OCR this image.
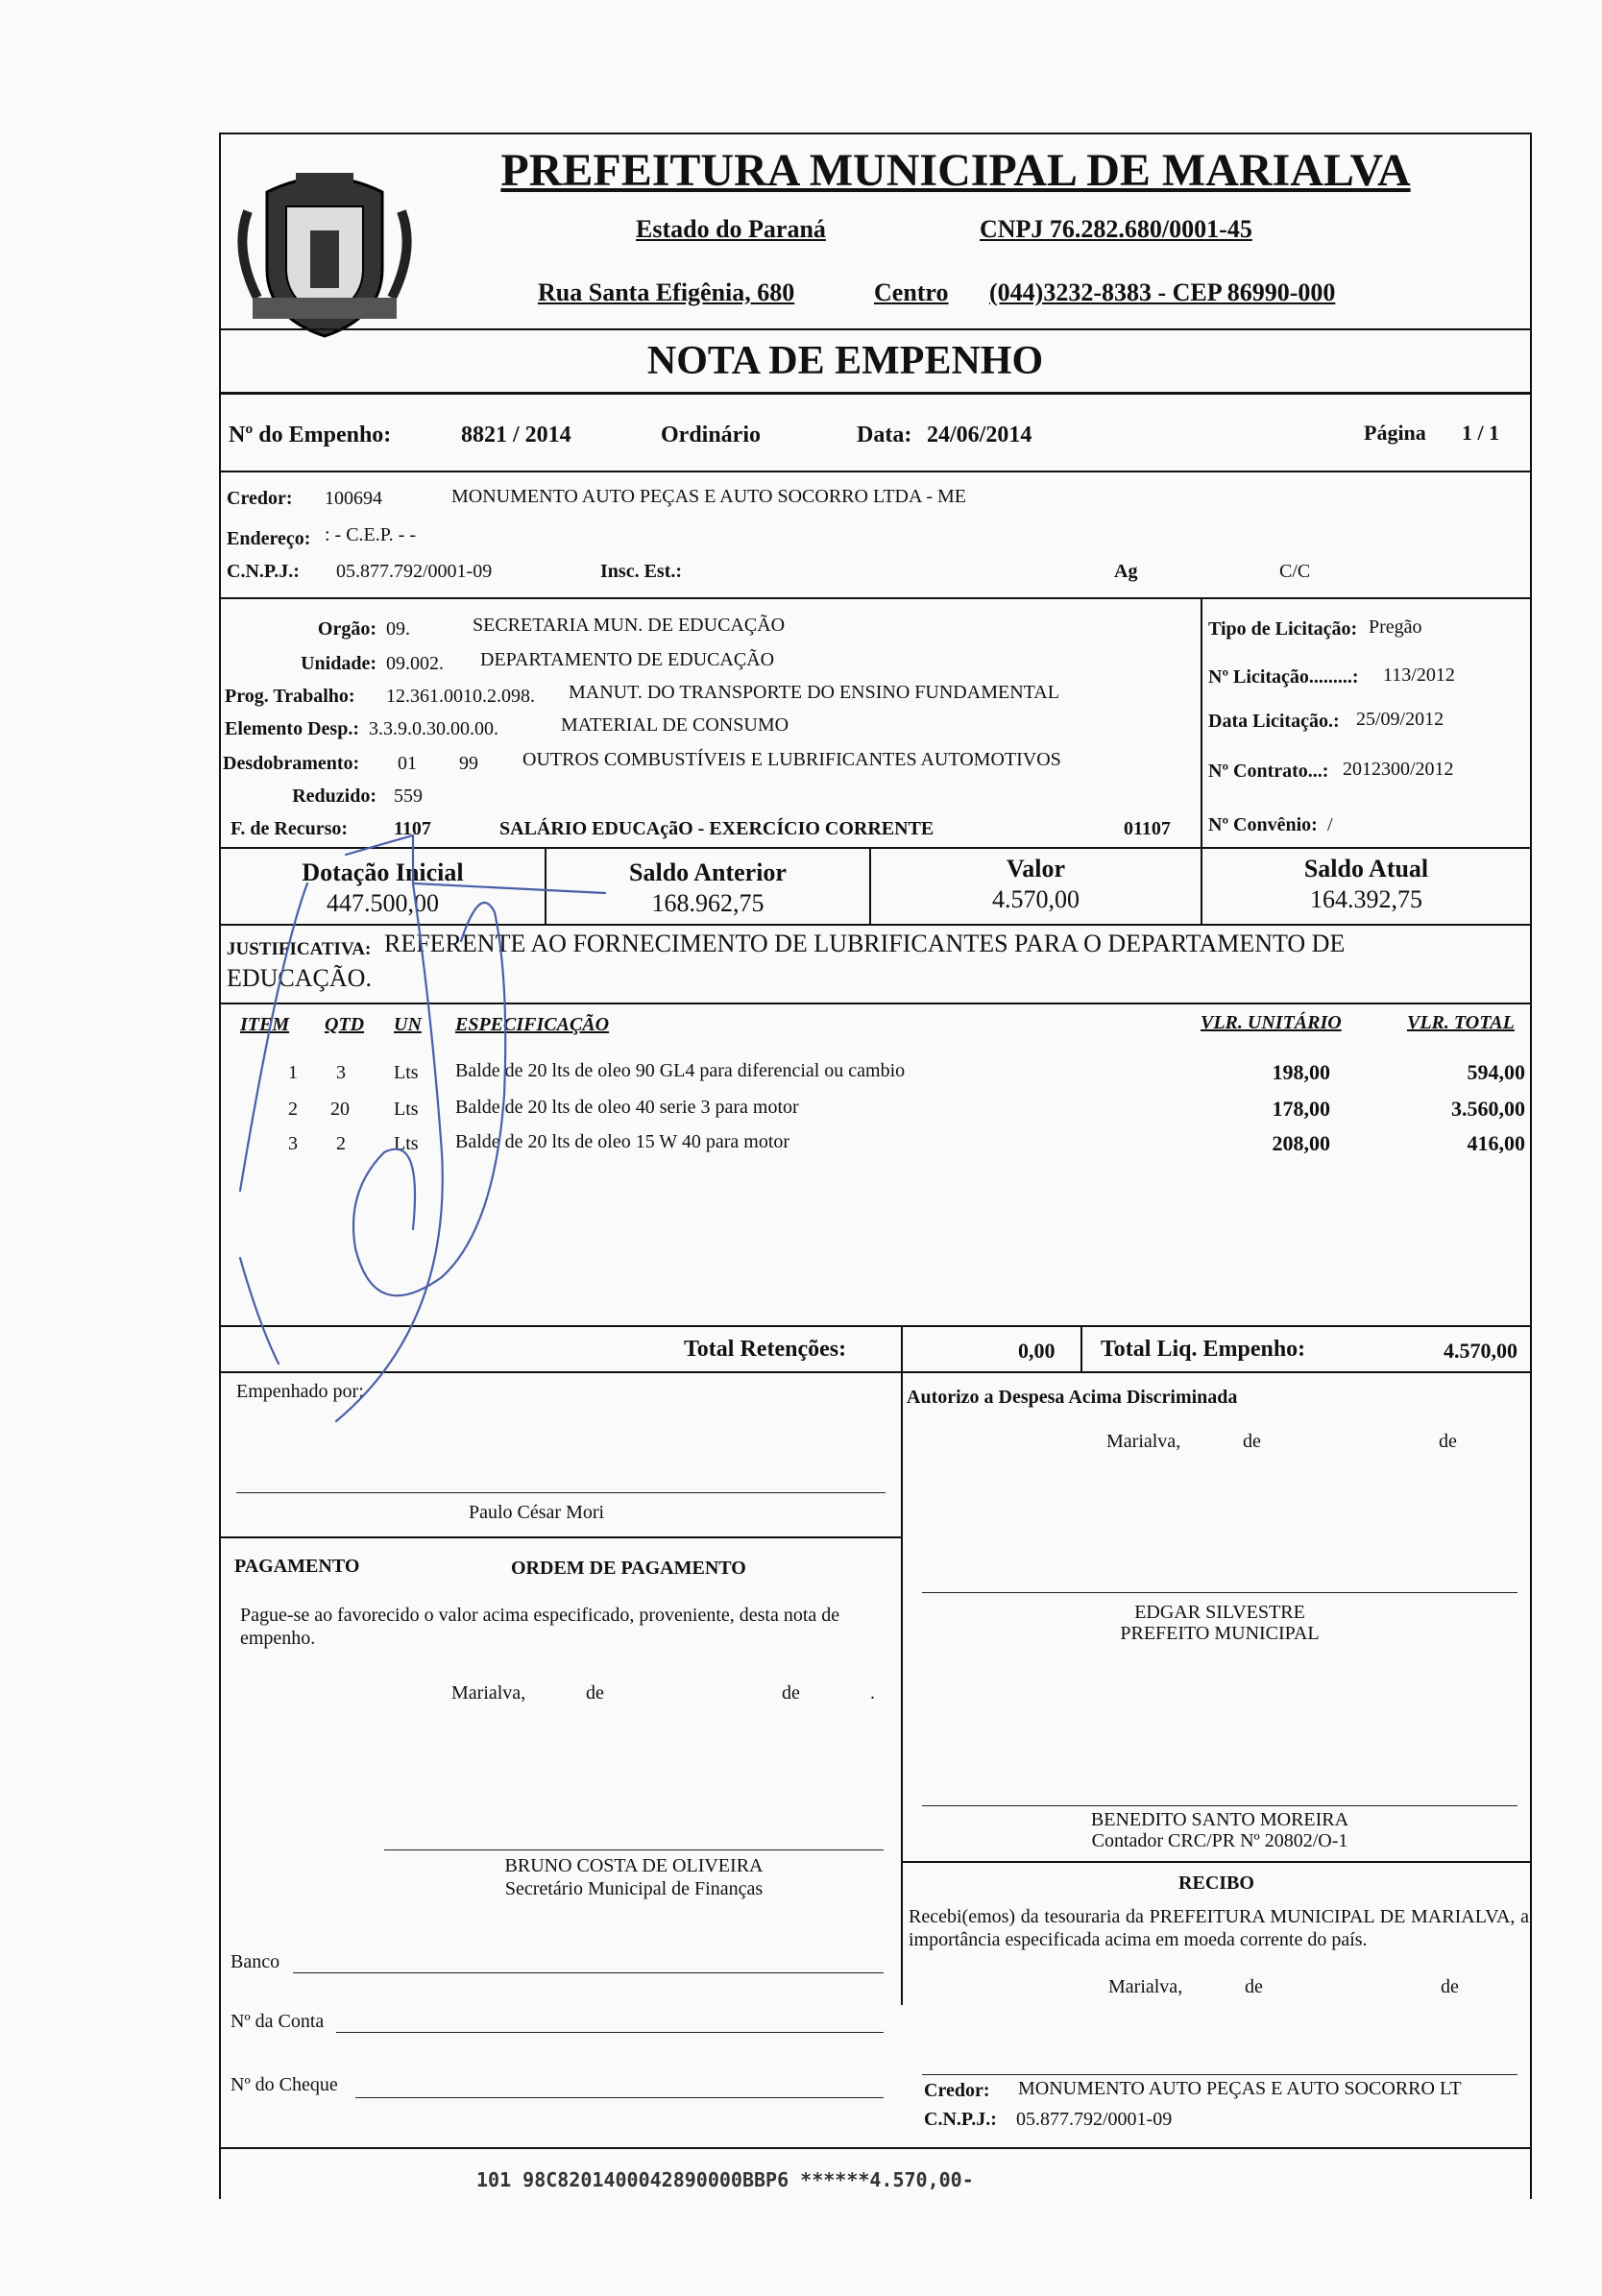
PREFEITURA MUNICIPAL DE MARIALVA
Estado do Paraná	CNPJ 76.282.680/0001-45
Rua Santa Efigênia, 680	Centro (044)3232-8383 - CEP 86990-000
NOTA DE EMPENHO
Nº do Empenho:	8821 / 2014	Ordinário	Data: 24/06/2014	Página 1 / 1
Credor: 100694	MONUMENTO AUTO PEÇAS E AUTO SOCORRO LTDA - ME
Endereço: : - C.E.P. - -
C.N.P.J.: 05.877.792/0001-09	Insc. Est.:	Ag	C/C
Orgão: 09.	SECRETARIA MUN. DE EDUCAÇÃO
Unidade: 09.002. DEPARTAMENTO DE EDUCAÇÃO
Prog. Trabalho: 12.361.0010.2.098. MANUT. DO TRANSPORTE DO ENSINO FUNDAMENTAL
Elemento Desp.: 3.3.9.0.30.00.00.	MATERIAL DE CONSUMO
Desdobramento: 01 99 OUTROS COMBUSTÍVEIS E LUBRIFICANTES AUTOMOTIVOS
Reduzido: 559
F. de Recurso: 1107	SALÁRIO EDUCAçãO - EXERCÍCIO CORRENTE	01107
Tipo de Licitação: Pregão
Nº Licitação.........: 113/2012
Data Licitação.: 25/09/2012
Nº Contrato...: 2012300/2012
Nº Convênio: /
Dotação Inicial
447.500,00
Saldo Anterior
168.962,75
Valor
4.570,00
Saldo Atual
164.392,75
JUSTIFICATIVA: REFERENTE AO FORNECIMENTO DE LUBRIFICANTES PARA O DEPARTAMENTO DE
EDUCAÇÃO.
ITEM QTD UN ESPECIFICAÇÃO	VLR. UNITÁRIO	VLR. TOTAL
1 3	Lts Balde de 20 lts de oleo 90 GL4 para diferencial ou cambio	198,00	594,00
2 20 Lts Balde de 20 lts de oleo 40 serie 3 para motor	178,00	3.560,00
3 2	Lts Balde de 20 lts de oleo 15 W 40 para motor	208,00	416,00
Total Retenções:	0,00 Total Liq. Empenho:	4.570,00
Empenhado por:
Paulo César Mori
Autorizo a Despesa Acima Discriminada
Marialva,	de	de
PAGAMENTO	ORDEM DE PAGAMENTO
Pague-se ao favorecido o valor acima especificado, proveniente, desta nota de empenho.
Marialva,	de	de	.
EDGAR SILVESTRE
PREFEITO MUNICIPAL
BENEDITO SANTO MOREIRA
Contador CRC/PR Nº 20802/O-1
BRUNO COSTA DE OLIVEIRA
Secretário Municipal de Finanças	RECIBO
Recebi(emos) da tesouraria da PREFEITURA MUNICIPAL DE MARIALVA, a importância especificada acima em moeda corrente do país.
Marialva,	de	de
Credor: MONUMENTO AUTO PEÇAS E AUTO SOCORRO LT
C.N.P.J.: 05.877.792/0001-09
Banco
Nº da Conta
Nº do Cheque
101 98C8201400042890000BBP6 ******4.570,00-
